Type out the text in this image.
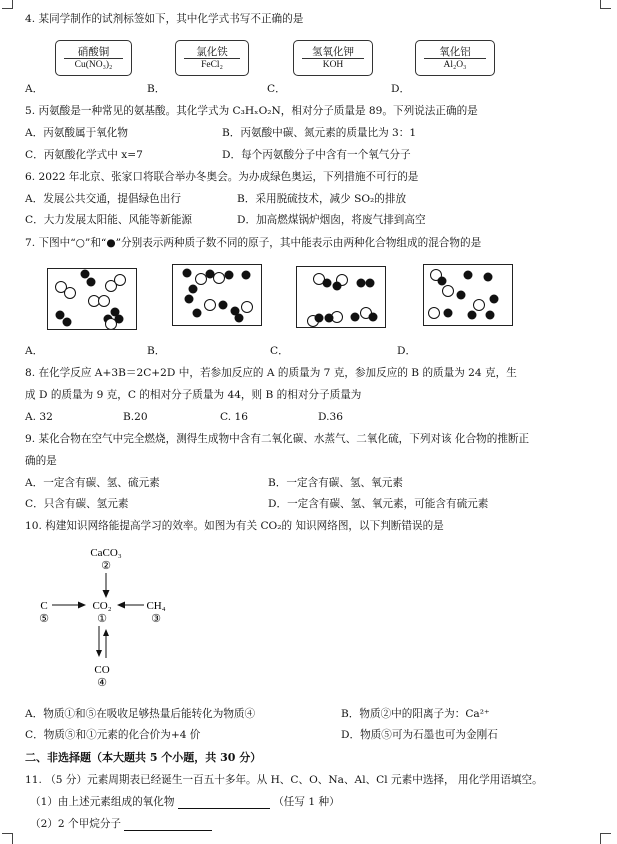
4. 某同学制作的试剂标签如下，其中化学式书写不正确的是
A．
硝酸铜
Cu(NO₃)₂
B．
氯化铁
FeCl₂
C．
氢氧化钾
KOH
D．
氧化铝
Al₂O₃
5. 丙氨酸是一种常见的氨基酸。其化学式为 C₃HₓO₂N，相对分子质量是 89。下列说法正确的是
A．丙氨酸属于氧化物	B．丙氨酸中碳、氮元素的质量比为 3：1
C．丙氨酸化学式中 x=7	D．每个丙氨酸分子中含有一个氧气分子
6. 2022 年北京、张家口将联合举办冬奥会。为办成绿色奥运，下列措施不可行的是
A．发展公共交通，提倡绿色出行	B．采用脱硫技术，减少 SO₂的排放
C．大力发展太阳能、风能等新能源	D．加高燃煤锅炉烟囱，将废气排到高空
7. 下图中“○”和“●”分别表示两种质子数不同的原子，其中能表示由两种化合物组成的混合物的是
A．	B．	C．	D．
8. 在化学反应 A+3B＝2C+2D 中，若参加反应的 A 的质量为 7 克，参加反应的 B 的质量为 24 克，生
成 D 的质量为 9 克，C 的相对分子质量为 44，则 B 的相对分子质量为
A. 32	B.20	C. 16	D.36
9. 某化合物在空气中完全燃烧，测得生成物中含有二氧化碳、水蒸气、二氧化硫，下列对该 化合物的推断正
确的是
A．一定含有碳、氢、硫元素	B．一定含有碳、氢、氧元素
C．只含有碳、氢元素	D．一定含有碳、氢、氧元素，可能含有硫元素
10. 构建知识网络能提高学习的效率。如图为有关 CO₂的 知识网络图，以下判断错误的是
CaCO₃
②
C
⑤
CO₂
①
CH₄
③
CO
④
A．物质①和⑤在吸收足够热量后能转化为物质④	B．物质②中的阳离子为：Ca²⁺
C．物质⑤和①元素的化合价为+4 价	D．物质⑤可为石墨也可为金刚石
二、非选择题（本大题共 5 个小题，共 30 分）
11. （5 分）元素周期表已经诞生一百五十多年。从 H、C、O、Na、Al、Cl 元素中选择， 用化学用语填空。
（1）由上述元素组成的氧化物	（任写 1 种）
（2）2 个甲烷分子
